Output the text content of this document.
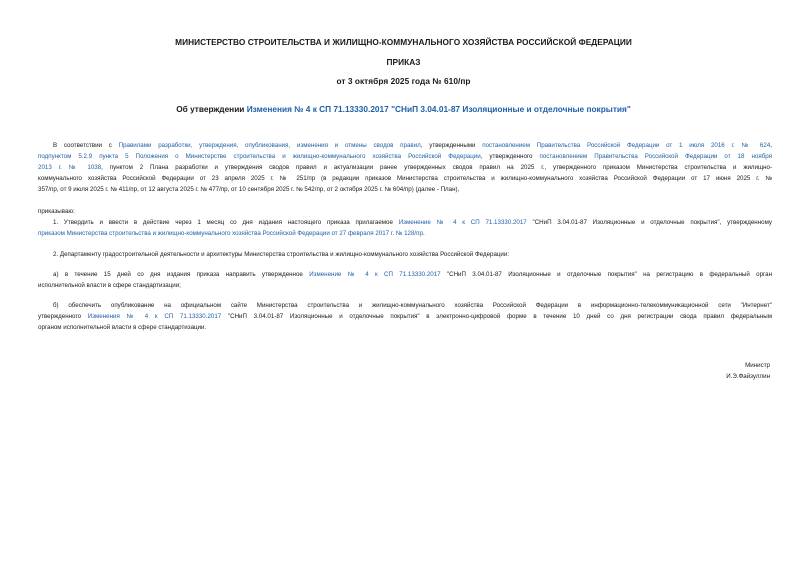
МИНИСТЕРСТВО СТРОИТЕЛЬСТВА И ЖИЛИЩНО-КОММУНАЛЬНОГО ХОЗЯЙСТВА РОССИЙСКОЙ ФЕДЕРАЦИИ
ПРИКАЗ
от 3 октября 2025 года № 610/пр
Об утверждении Изменения № 4 к СП 71.13330.2017 "СНиП 3.04.01-87 Изоляционные и отделочные покрытия"
В соответствии с Правилами разработки, утверждения, опубликования, изменения и отмены сводов правил, утвержденными постановлением Правительства Российской Федерации от 1 июля 2016 г. № 624,
подпунктом 5.2.9 пункта 5 Положения о Министерстве строительства и жилищно-коммунального хозяйства Российской Федерации, утвержденного постановлением Правительства Российской Федерации от 18 ноября
2013 г. № 1038, пунктом 2 Плана разработки и утверждения сводов правил и актуализации ранее утвержденных сводов правил на 2025 г., утвержденного приказом Министерства строительства и жилищно-
коммунального хозяйства Российской Федерации от 23 апреля 2025 г. № 251/пр (в редакции приказов Министерства строительства и жилищно-коммунального хозяйства Российской Федерации от 17 июня 2025 г. №
357/пр, от 9 июля 2025 г. № 411/пр, от 12 августа 2025 г. № 477/пр, от 10 сентября 2025 г. № 542/пр, от 2 октября 2025 г. № 604/пр) (далее - План),
приказываю:
1. Утвердить и ввести в действие через 1 месяц со дня издания настоящего приказа прилагаемое Изменение № 4 к СП 71.13330.2017 "СНиП 3.04.01-87 Изоляционные и отделочные покрытия", утвержденному
приказом Министерства строительства и жилищно-коммунального хозяйства Российской Федерации от 27 февраля 2017 г. № 128/пр.
2. Департаменту градостроительной деятельности и архитектуры Министерства строительства и жилищно-коммунального хозяйства Российской Федерации:
а) в течение 15 дней со дня издания приказа направить утвержденное Изменение № 4 к СП 71.13330.2017 "СНиП 3.04.01-87 Изоляционные и отделочные покрытия" на регистрацию в федеральный орган
исполнительной власти в сфере стандартизации;
б) обеспечить опубликование на официальном сайте Министерства строительства и жилищно-коммунального хозяйства Российской Федерации в информационно-телекоммуникационной сети "Интернет"
утвержденного Изменения № 4 к СП 71.13330.2017 "СНиП 3.04.01-87 Изоляционные и отделочные покрытия" в электронно-цифровой форме в течение 10 дней со дня регистрации свода правил федеральным
органом исполнительной власти в сфере стандартизации.
Министр
И.Э.Файзуллин
